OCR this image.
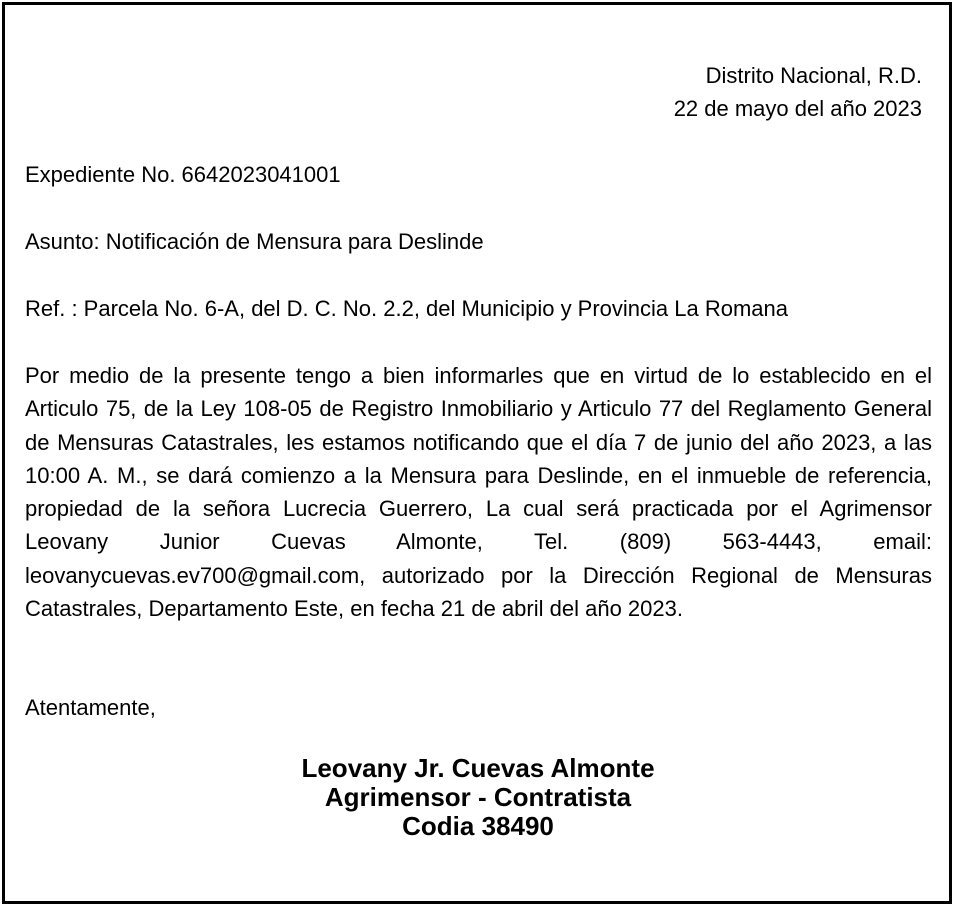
Distrito Nacional, R.D.
22 de mayo del año 2023
Expediente No. 6642023041001
Asunto: Notificación de Mensura para Deslinde
Ref. : Parcela No. 6-A, del D. C. No. 2.2, del Municipio y Provincia La Romana
Por medio de la presente tengo a bien informarles que en virtud de lo establecido en el Articulo 75, de la Ley 108-05 de Registro Inmobiliario y Articulo 77 del Reglamento General de Mensuras Catastrales, les estamos notificando que el día 7 de junio del año 2023, a las 10:00 A. M., se dará comienzo a la Mensura para Deslinde, en el inmueble de referencia, propiedad de la señora Lucrecia Guerrero, La cual será practicada por el Agrimensor Leovany Junior Cuevas Almonte, Tel. (809) 563-4443, email: leovanycuevas.ev700@gmail.com, autorizado por la Dirección Regional de Mensuras Catastrales, Departamento Este, en fecha 21 de abril del año 2023.
Atentamente,
Leovany Jr. Cuevas Almonte
Agrimensor - Contratista
Codia 38490
